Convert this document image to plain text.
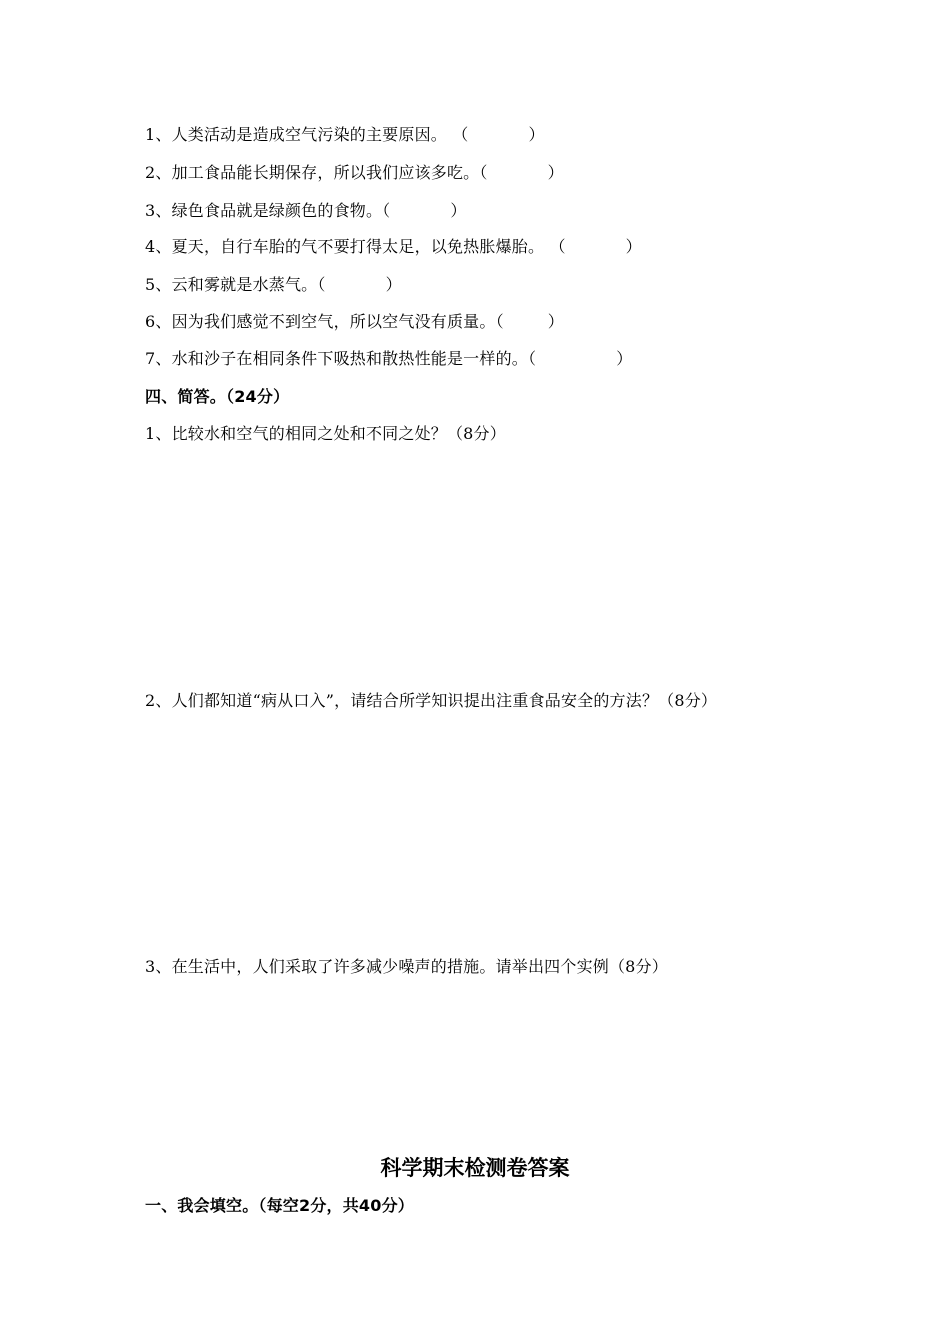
1、人类活动是造成空气污染的主要原因。 （	）
2、加工食品能长期保存，所以我们应该多吃。（	）
3、绿色食品就是绿颜色的食物。（	）
4、夏天，自行车胎的气不要打得太足，以免热胀爆胎。 （	）
5、云和雾就是水蒸气。（	）
6、因为我们感觉不到空气，所以空气没有质量。（	）
7、水和沙子在相同条件下吸热和散热性能是一样的。（	）
四、简答。（24分）
1、比较水和空气的相同之处和不同之处？（8分）
2、人们都知道“病从口入”，请结合所学知识提出注重食品安全的方法？（8分）
3、在生活中，人们采取了许多减少噪声的措施。请举出四个实例（8分）
科学期末检测卷答案
一、我会填空。（每空2分，共40分）
